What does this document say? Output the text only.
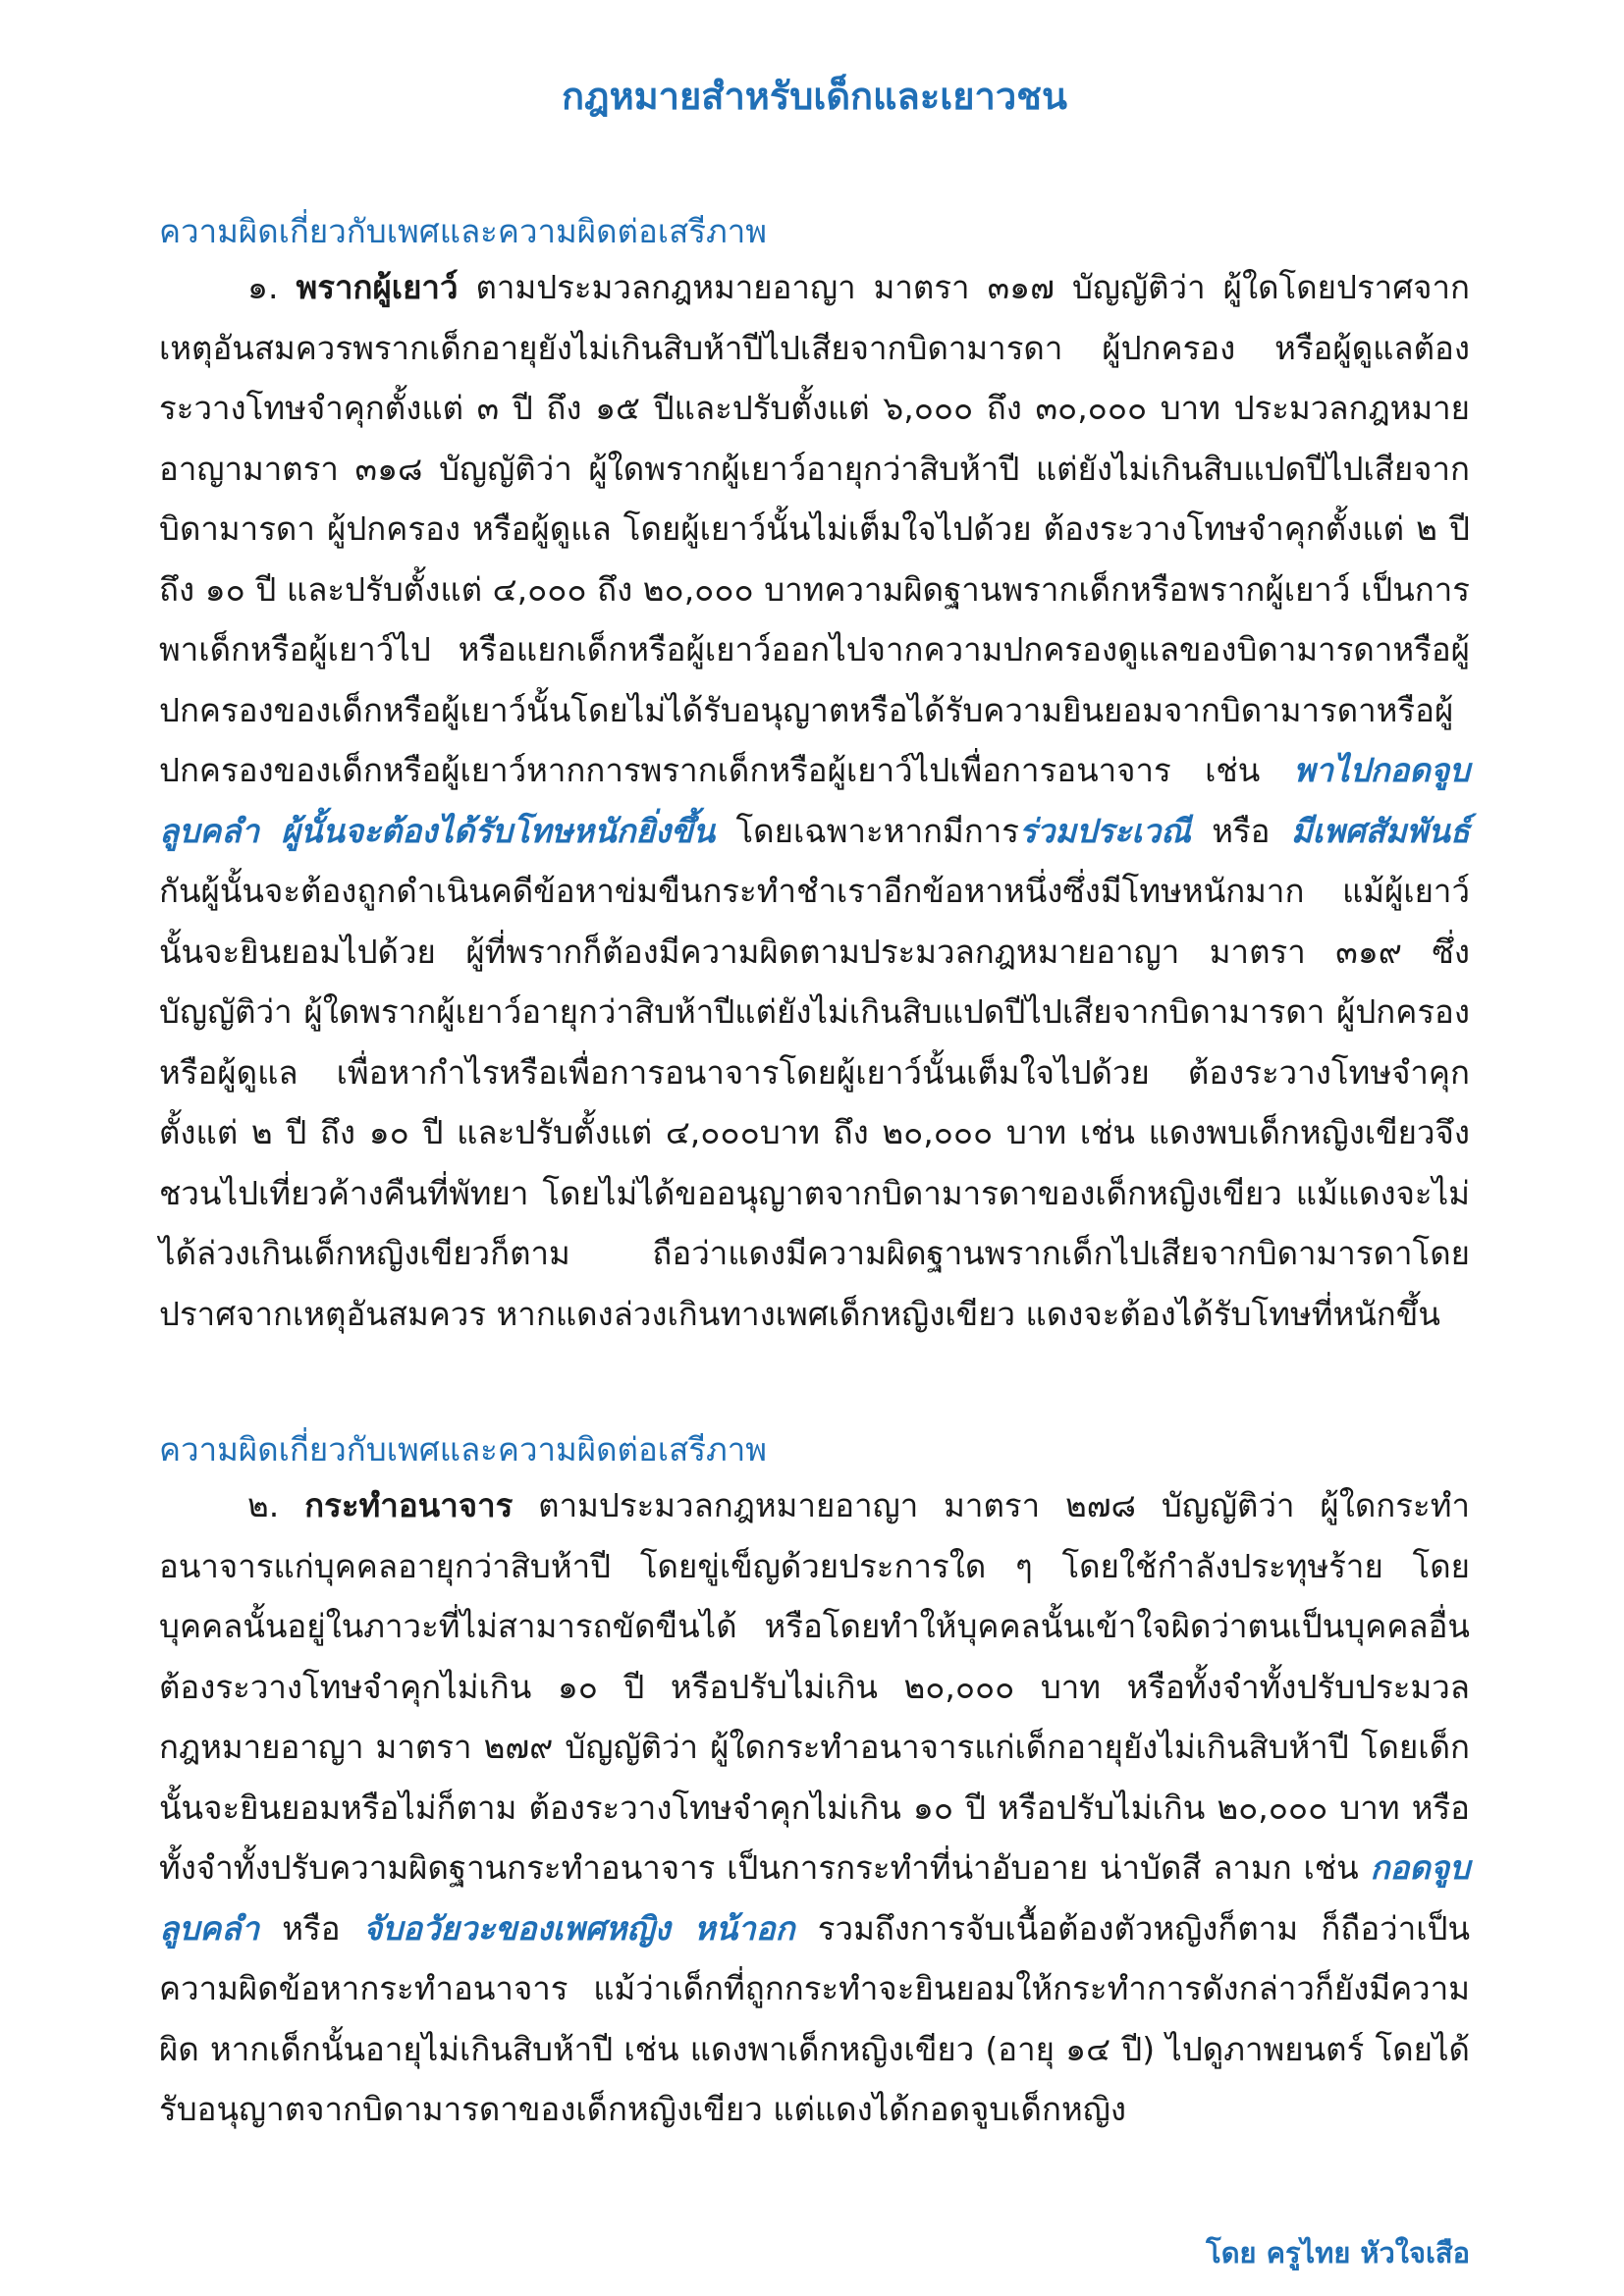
กฎหมายสำหรับเด็กและเยาวชน
ความผิดเกี่ยวกับเพศและความผิดต่อเสรีภาพ

๑. พรากผู้เยาว์ ตามประมวลกฎหมายอาญา มาตรา ๓๑๗ บัญญัติว่า ผู้ใดโดยปราศจากเหตุอันสมควรพรากเด็กอายุยังไม่เกินสิบห้าปีไปเสียจากบิดามารดา ผู้ปกครอง หรือผู้ดูแลต้องระวางโทษจำคุกตั้งแต่ ๓ ปี ถึง ๑๕ ปีและปรับตั้งแต่ ๖,๐๐๐ ถึง ๓๐,๐๐๐ บาท ประมวลกฎหมายอาญามาตรา ๓๑๘ บัญญัติว่า ผู้ใดพรากผู้เยาว์อายุกว่าสิบห้าปี แต่ยังไม่เกินสิบแปดปีไปเสียจากบิดามารดา ผู้ปกครอง หรือผู้ดูแล โดยผู้เยาว์นั้นไม่เต็มใจไปด้วย ต้องระวางโทษจำคุกตั้งแต่ ๒ ปี ถึง ๑๐ ปี และปรับตั้งแต่ ๔,๐๐๐ ถึง ๒๐,๐๐๐ บาทความผิดฐานพรากเด็กหรือพรากผู้เยาว์ เป็นการพาเด็กหรือผู้เยาว์ไป หรือแยกเด็กหรือผู้เยาว์ออกไปจากความปกครองดูแลของบิดามารดาหรือผู้ปกครองของเด็กหรือผู้เยาว์นั้นโดยไม่ได้รับอนุญาตหรือได้รับความยินยอมจากบิดามารดาหรือผู้ปกครองของเด็กหรือผู้เยาว์หากการพรากเด็กหรือผู้เยาว์ไปเพื่อการอนาจาร เช่น พาไปกอดจูบ ลูบคลำ ผู้นั้นจะต้องได้รับโทษหนักยิ่งขึ้น โดยเฉพาะหากมีการร่วมประเวณี หรือ มีเพศสัมพันธ์ กันผู้นั้นจะต้องถูกดำเนินคดีข้อหาข่มขืนกระทำชำเราอีกข้อหาหนึ่งซึ่งมีโทษหนักมาก แม้ผู้เยาว์นั้นจะยินยอมไปด้วย ผู้ที่พรากก็ต้องมีความผิดตามประมวลกฎหมายอาญา มาตรา ๓๑๙ ซึ่งบัญญัติว่า ผู้ใดพรากผู้เยาว์อายุกว่าสิบห้าปีแต่ยังไม่เกินสิบแปดปีไปเสียจากบิดามารดา ผู้ปกครองหรือผู้ดูแล เพื่อหากำไรหรือเพื่อการอนาจารโดยผู้เยาว์นั้นเต็มใจไปด้วย ต้องระวางโทษจำคุกตั้งแต่ ๒ ปี ถึง ๑๐ ปี และปรับตั้งแต่ ๔,๐๐๐บาท ถึง ๒๐,๐๐๐ บาท เช่น แดงพบเด็กหญิงเขียวจึงชวนไปเที่ยวค้างคืนที่พัทยา โดยไม่ได้ขออนุญาตจากบิดามารดาของเด็กหญิงเขียว แม้แดงจะไม่ได้ล่วงเกินเด็กหญิงเขียวก็ตาม ถือว่าแดงมีความผิดฐานพรากเด็กไปเสียจากบิดามารดาโดยปราศจากเหตุอันสมควร หากแดงล่วงเกินทางเพศเด็กหญิงเขียว แดงจะต้องได้รับโทษที่หนักขึ้น

ความผิดเกี่ยวกับเพศและความผิดต่อเสรีภาพ

๒. กระทำอนาจาร ตามประมวลกฎหมายอาญา มาตรา ๒๗๘ บัญญัติว่า ผู้ใดกระทำอนาจารแก่บุคคลอายุกว่าสิบห้าปี โดยขู่เข็ญด้วยประการใด ๆ โดยใช้กำลังประทุษร้าย โดยบุคคลนั้นอยู่ในภาวะที่ไม่สามารถขัดขืนได้ หรือโดยทำให้บุคคลนั้นเข้าใจผิดว่าตนเป็นบุคคลอื่น ต้องระวางโทษจำคุกไม่เกิน ๑๐ ปี หรือปรับไม่เกิน ๒๐,๐๐๐ บาท หรือทั้งจำทั้งปรับประมวลกฎหมายอาญา มาตรา ๒๗๙ บัญญัติว่า ผู้ใดกระทำอนาจารแก่เด็กอายุยังไม่เกินสิบห้าปี โดยเด็กนั้นจะยินยอมหรือไม่ก็ตาม ต้องระวางโทษจำคุกไม่เกิน ๑๐ ปี หรือปรับไม่เกิน ๒๐,๐๐๐ บาท หรือทั้งจำทั้งปรับความผิดฐานกระทำอนาจาร เป็นการกระทำที่น่าอับอาย น่าบัดสี ลามก เช่น กอดจูบ ลูบคลำ หรือ จับอวัยวะของเพศหญิง หน้าอก รวมถึงการจับเนื้อต้องตัวหญิงก็ตาม ก็ถือว่าเป็นความผิดข้อหากระทำอนาจาร แม้ว่าเด็กที่ถูกกระทำจะยินยอมให้กระทำการดังกล่าวก็ยังมีความผิด หากเด็กนั้นอายุไม่เกินสิบห้าปี เช่น แดงพาเด็กหญิงเขียว (อายุ ๑๔ ปี) ไปดูภาพยนตร์ โดยได้รับอนุญาตจากบิดามารดาของเด็กหญิงเขียว แต่แดงได้กอดจูบเด็กหญิง

โดย ครูไทย หัวใจเสือ
